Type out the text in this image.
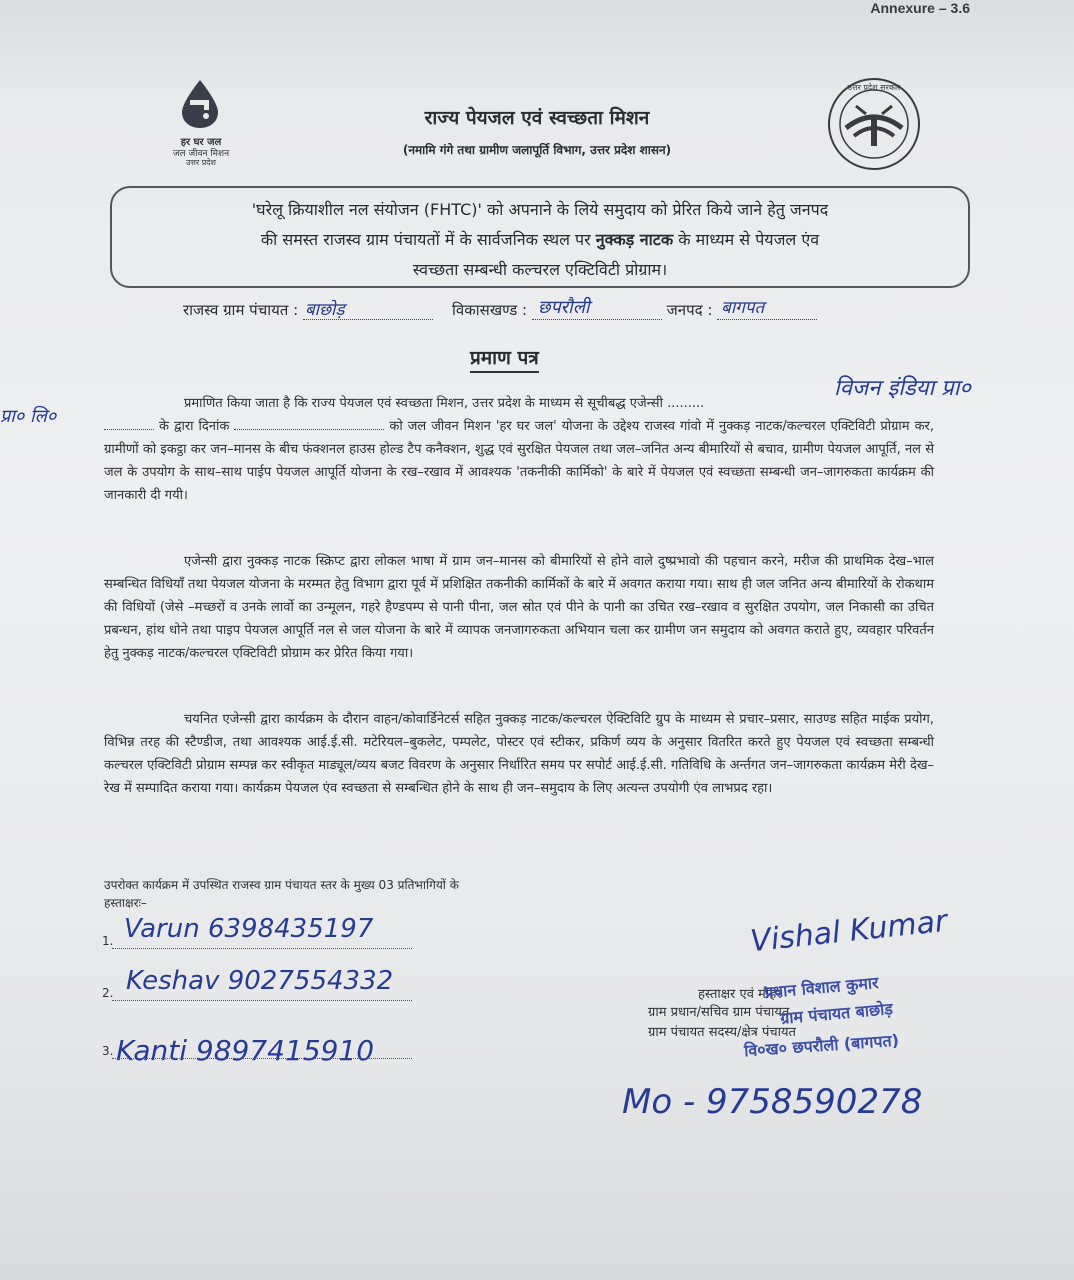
Annexure – 3.6
हर घर जल
जल जीवन मिशन
उत्तर प्रदेश
उत्तर प्रदेश सरकार
राज्य पेयजल एवं स्वच्छता मिशन
(नमामि गंगे तथा ग्रामीण जलापूर्ति विभाग, उत्तर प्रदेश शासन)

'घरेलू क्रियाशील नल संयोजन (FHTC)' को अपनाने के लिये समुदाय को प्रेरित किये जाने हेतु जनपद

की समस्त राजस्व ग्राम पंचायतों में के सार्वजनिक स्थल पर नुक्कड़ नाटक के माध्यम से पेयजल एंव

स्वच्छता सम्बन्धी कल्चरल एक्टिविटी प्रोग्राम।

राजस्व ग्राम पंचायत : बाछोड़	विकासखण्ड : छपरौली	जनपद : बागपत

प्रमाण पत्र
प्रा० लि०
विजन इंडिया प्रा०
प्रमाणित किया जाता है कि राज्य पेयजल एवं स्वच्छता मिशन, उत्तर प्रदेश के माध्यम से सूचीबद्ध एजेन्सी .........
के द्वारा दिनांक	को जल जीवन मिशन 'हर घर जल' योजना के उद्देश्य राजस्व गांवो में नुक्कड़ नाटक/कल्चरल एक्टिविटी प्रोग्राम कर, ग्रामीणों को इकट्ठा कर जन–मानस के बीच फंक्शनल हाउस होल्ड टैप कनैक्शन, शुद्ध एवं सुरक्षित पेयजल तथा जल–जनित अन्य बीमारियों से बचाव, ग्रामीण पेयजल आपूर्ति, नल से जल के उपयोग के साथ–साथ पाईप पेयजल आपूर्ति योजना के रख–रखाव में आवश्यक 'तकनीकी कार्मिको' के बारे में पेयजल एवं स्वच्छता सम्बन्धी जन–जागरुकता कार्यक्रम की जानकारी दी गयी।
एजेन्सी द्वारा नुक्कड़ नाटक स्क्रिप्ट द्वारा लोकल भाषा में ग्राम जन–मानस को बीमारियों से होने वाले दुष्प्रभावो की पहचान करने, मरीज की प्राथमिक देख–भाल सम्बन्धित विधियाँ तथा पेयजल योजना के मरम्मत हेतु विभाग द्वारा पूर्व में प्रशिक्षित तकनीकी कार्मिकों के बारे में अवगत कराया गया। साथ ही जल जनित अन्य बीमारियों के रोकथाम की विधियों (जेसे –मच्छरों व उनके लार्वो का उन्मूलन, गहरे हैण्डपम्प से पानी पीना, जल स्रोत एवं पीने के पानी का उचित रख–रखाव व सुरक्षित उपयोग, जल निकासी का उचित प्रबन्धन, हांथ धोने तथा पाइप पेयजल आपूर्ति नल से जल योजना के बारे में व्यापक जनजागरुकता अभियान चला कर ग्रामीण जन समुदाय को अवगत कराते हुए, व्यवहार परिवर्तन हेतु नुक्कड़ नाटक/कल्चरल एक्टिविटी प्रोग्राम कर प्रेरित किया गया।
चयनित एजेन्सी द्वारा कार्यक्रम के दौरान वाहन/कोवार्डिनेटर्स सहित नुक्कड़ नाटक/कल्चरल ऐक्टिविटि ग्रुप के माध्यम से प्रचार–प्रसार, साउण्ड सहित माईक प्रयोग, विभिन्न तरह की स्टैण्डीज, तथा आवश्यक आई.ई.सी. मटेरियल–बुकलेट, पम्पलेट, पोस्टर एवं स्टीकर, प्रकिर्ण व्यय के अनुसार वितरित करते हुए पेयजल एवं स्वच्छता सम्बन्धी कल्चरल एक्टिविटी प्रोग्राम सम्पन्न कर स्वीकृत माड्यूल/व्यय बजट विवरण के अनुसार निर्धारित समय पर सपोर्ट आई.ई.सी. गतिविधि के अर्न्तगत जन–जागरुकता कार्यक्रम मेरी देख–रेख में सम्पादित कराया गया। कार्यक्रम पेयजल एंव स्वच्छता से सम्बन्धित होने के साथ ही जन–समुदाय के लिए अत्यन्त उपयोगी एंव लाभप्रद रहा।
उपरोक्त कार्यक्रम में उपस्थित राजस्व ग्राम पंचायत स्तर के मुख्य 03 प्रतिभागियों के
हस्ताक्षरः–
1. Varun 6398435197
2. Keshav 9027554332
3. Kanti 9897415910
Vishal Kumar
हस्ताक्षर एवं मोहर
ग्राम प्रधान/सचिव ग्राम पंचायत
ग्राम पंचायत सदस्य/क्षेत्र पंचायत
प्रधान विशाल कुमार
ग्राम पंचायत बाछोड़
वि०ख० छपरौली (बागपत)
Mo - 9758590278
